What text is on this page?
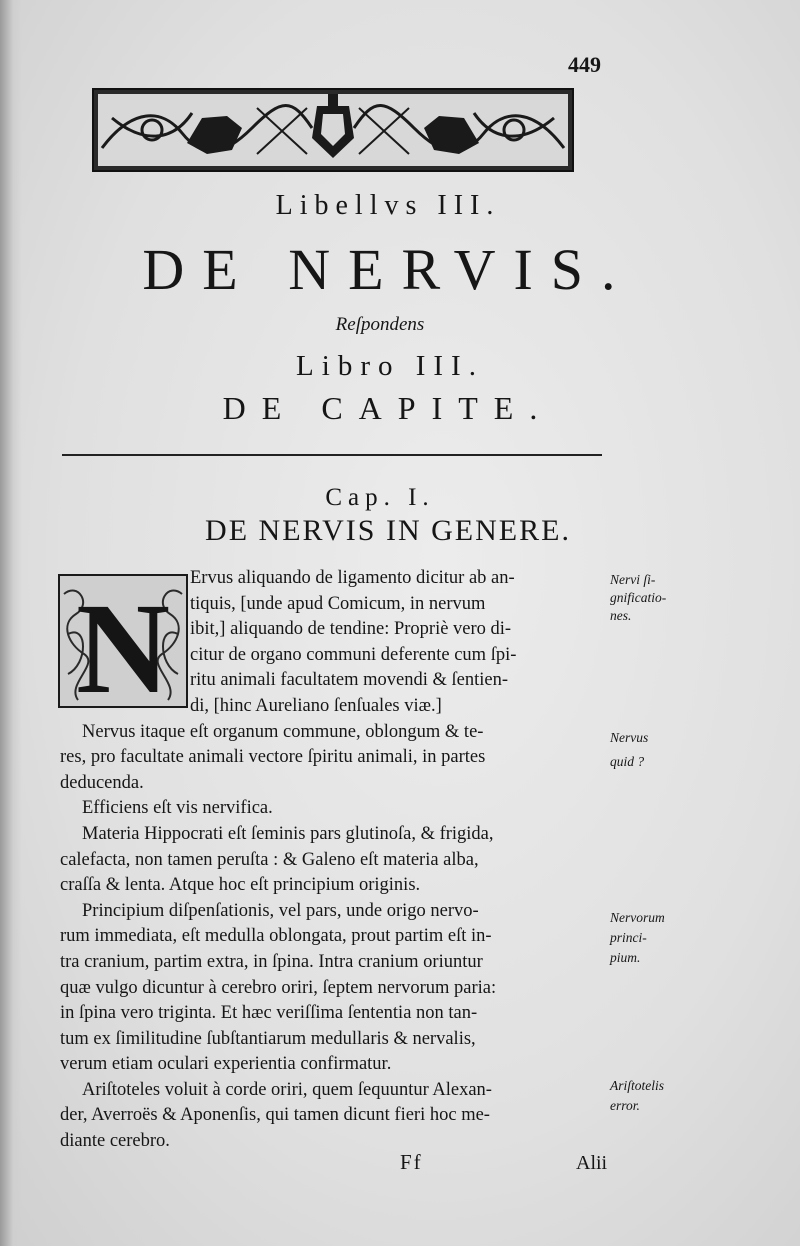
449
Libellvs III.
DE NERVIS.
Reſpondens
Libro III.
DE CAPITE.
Cap. I.
DE NERVIS IN GENERE.
N	Ervus aliquando de ligamento dicitur ab an-
tiquis, [unde apud Comicum, in nervum
ibit,] aliquando de tendine: Propriè vero di-
citur de organo communi deferente cum ſpi-
ritu animali facultatem movendi & ſentien-
di, [hinc Aureliano ſenſuales viæ.]
Nervus itaque eſt organum commune, oblongum & te-
res, pro facultate animali vectore ſpiritu animali, in partes
deducenda.
Efficiens eſt vis nervifica.
Materia Hippocrati eſt ſeminis pars glutinoſa, & frigida,
calefacta, non tamen peruſta : & Galeno eſt materia alba,
craſſa & lenta. Atque hoc eſt principium originis.
Principium diſpenſationis, vel pars, unde origo nervo-
rum immediata, eſt medulla oblongata, prout partim eſt in-
tra cranium, partim extra, in ſpina. Intra cranium oriuntur
quæ vulgo dicuntur à cerebro oriri, ſeptem nervorum paria:
in ſpina vero triginta. Et hæc veriſſima ſententia non tan-
tum ex ſimilitudine ſubſtantiarum medullaris & nervalis,
verum etiam oculari experientia confirmatur.
Ariſtoteles voluit à corde oriri, quem ſequuntur Alexan-
der, Averroës & Aponenſis, qui tamen dicunt fieri hoc me-
diante cerebro.
Nervi ſi-
gnificatio-
nes.
Nervus
quid ?
Nervorum
princi-
pium.
Ariſtotelis
error.
Ff	Alii
